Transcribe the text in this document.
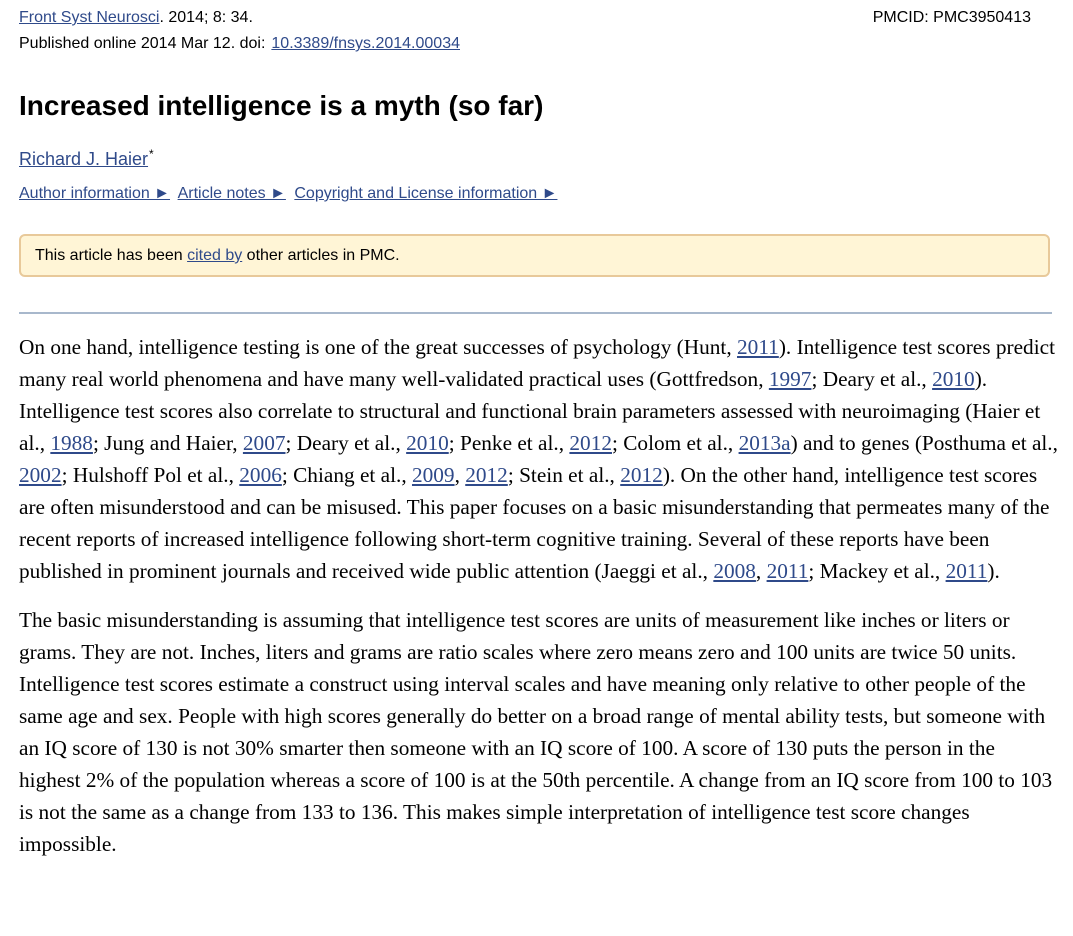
Front Syst Neurosci. 2014; 8: 34.	PMCID: PMC3950413
Published online 2014 Mar 12. doi: 10.3389/fnsys.2014.00034
Increased intelligence is a myth (so far)
Richard J. Haier*
Author information ► Article notes ► Copyright and License information ►
This article has been cited by other articles in PMC.

On one hand, intelligence testing is one of the great successes of psychology (Hunt, 2011). Intelligence test scores predict many real world phenomena and have many well-validated practical uses (Gottfredson, 1997; Deary et al., 2010). Intelligence test scores also correlate to structural and functional brain parameters assessed with neuroimaging (Haier et al., 1988; Jung and Haier, 2007; Deary et al., 2010; Penke et al., 2012; Colom et al., 2013a) and to genes (Posthuma et al., 2002; Hulshoff Pol et al., 2006; Chiang et al., 2009, 2012; Stein et al., 2012). On the other hand, intelligence test scores are often misunderstood and can be misused. This paper focuses on a basic misunderstanding that permeates many of the recent reports of increased intelligence following short-term cognitive training. Several of these reports have been published in prominent journals and received wide public attention (Jaeggi et al., 2008, 2011; Mackey et al., 2011).

The basic misunderstanding is assuming that intelligence test scores are units of measurement like inches or liters or grams. They are not. Inches, liters and grams are ratio scales where zero means zero and 100 units are twice 50 units. Intelligence test scores estimate a construct using interval scales and have meaning only relative to other people of the same age and sex. People with high scores generally do better on a broad range of mental ability tests, but someone with an IQ score of 130 is not 30% smarter then someone with an IQ score of 100. A score of 130 puts the person in the highest 2% of the population whereas a score of 100 is at the 50th percentile. A change from an IQ score from 100 to 103 is not the same as a change from 133 to 136. This makes simple interpretation of intelligence test score changes impossible.
